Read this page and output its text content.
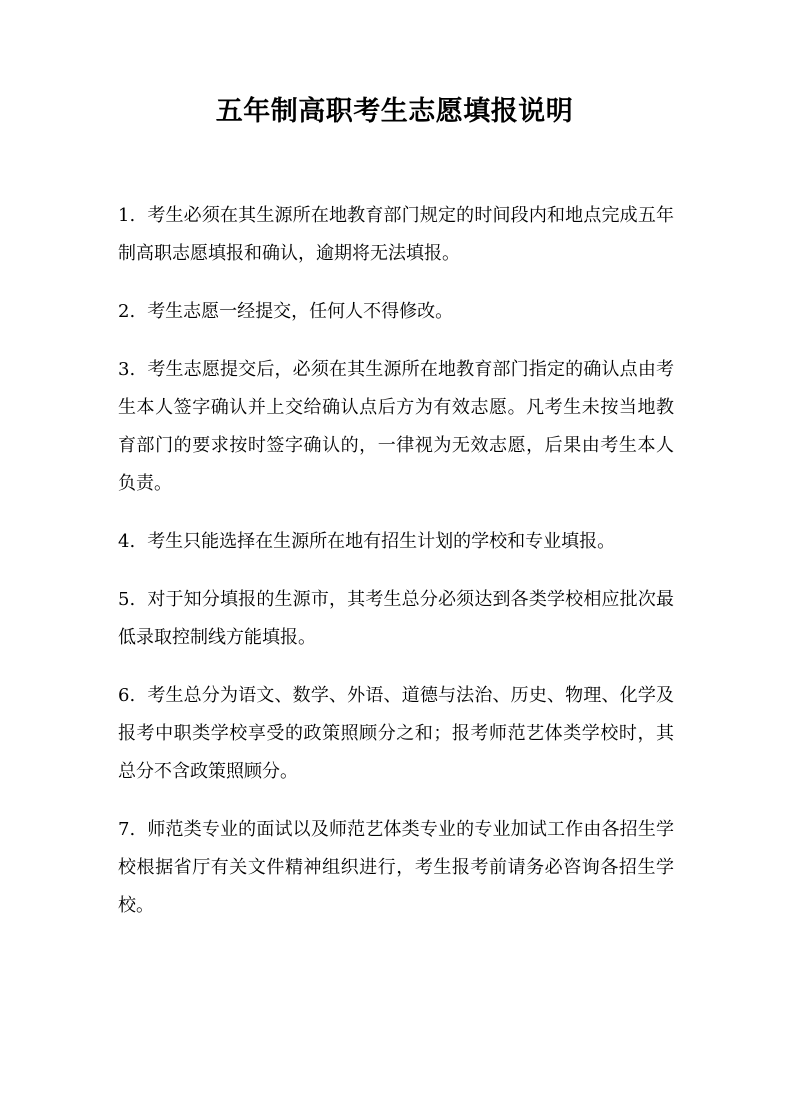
五年制高职考生志愿填报说明

1. 考生必须在其生源所在地教育部门规定的时间段内和地点完成五年制高职志愿填报和确认，逾期将无法填报。

2. 考生志愿一经提交，任何人不得修改。

3. 考生志愿提交后，必须在其生源所在地教育部门指定的确认点由考生本人签字确认并上交给确认点后方为有效志愿。凡考生未按当地教育部门的要求按时签字确认的，一律视为无效志愿，后果由考生本人负责。

4. 考生只能选择在生源所在地有招生计划的学校和专业填报。

5. 对于知分填报的生源市，其考生总分必须达到各类学校相应批次最低录取控制线方能填报。

6. 考生总分为语文、数学、外语、道德与法治、历史、物理、化学及报考中职类学校享受的政策照顾分之和；报考师范艺体类学校时，其总分不含政策照顾分。

7. 师范类专业的面试以及师范艺体类专业的专业加试工作由各招生学校根据省厅有关文件精神组织进行，考生报考前请务必咨询各招生学校。
